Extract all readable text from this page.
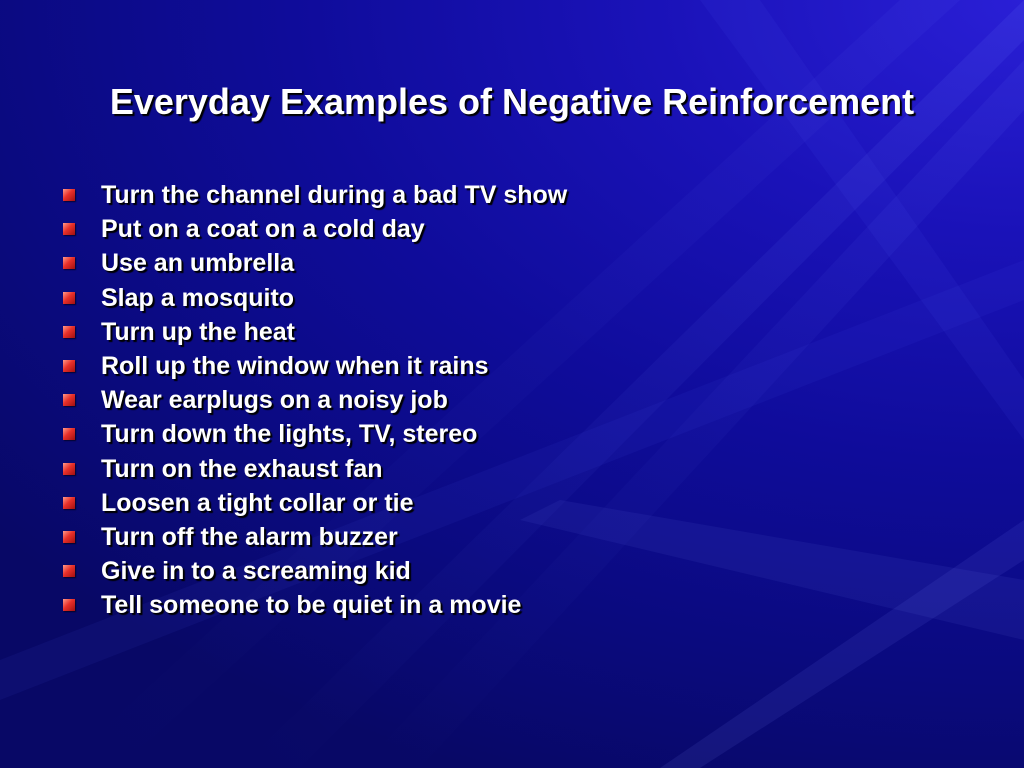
Everyday Examples of Negative Reinforcement
Turn the channel during a bad TV show
Put on a coat on a cold day
Use an umbrella
Slap a mosquito
Turn up the heat
Roll up the window when it rains
Wear earplugs on a noisy job
Turn down the lights, TV, stereo
Turn on the exhaust fan
Loosen a tight collar or tie
Turn off the alarm buzzer
Give in to a screaming kid
Tell someone to be quiet in a movie
